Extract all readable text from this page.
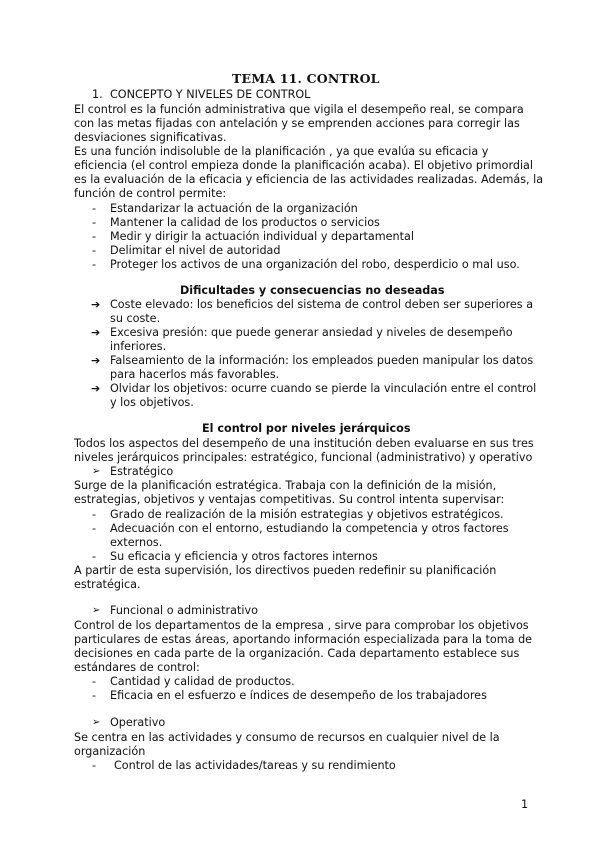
TEMA 11. CONTROL
1. CONCEPTO Y NIVELES DE CONTROL
El control es la función administrativa que vigila el desempeño real, se compara
con las metas fijadas con antelación y se emprenden acciones para corregir las
desviaciones significativas.
Es una función indisoluble de la planificación , ya que evalúa su eficacia y
eficiencia (el control empieza donde la planificación acaba). El objetivo primordial
es la evaluación de la eficacia y eficiencia de las actividades realizadas. Además, la
función de control permite:
- Estandarizar la actuación de la organización
- Mantener la calidad de los productos o servicios
- Medir y dirigir la actuación individual y departamental
- Delimitar el nivel de autoridad
- Proteger los activos de una organización del robo, desperdicio o mal uso.
Dificultades y consecuencias no deseadas
➔ Coste elevado: los beneficios del sistema de control deben ser superiores a
su coste.
➔ Excesiva presión: que puede generar ansiedad y niveles de desempeño
inferiores.
➔ Falseamiento de la información: los empleados pueden manipular los datos
para hacerlos más favorables.
➔ Olvidar los objetivos: ocurre cuando se pierde la vinculación entre el control
y los objetivos.
El control por niveles jerárquicos
Todos los aspectos del desempeño de una institución deben evaluarse en sus tres
niveles jerárquicos principales: estratégico, funcional (administrativo) y operativo
➢ Estratégico
Surge de la planificación estratégica. Trabaja con la definición de la misión,
estrategias, objetivos y ventajas competitivas. Su control intenta supervisar:
- Grado de realización de la misión estrategias y objetivos estratégicos.
- Adecuación con el entorno, estudiando la competencia y otros factores
externos.
- Su eficacia y eficiencia y otros factores internos
A partir de esta supervisión, los directivos pueden redefinir su planificación
estratégica.
➢ Funcional o administrativo
Control de los departamentos de la empresa , sirve para comprobar los objetivos
particulares de estas áreas, aportando información especializada para la toma de
decisiones en cada parte de la organización. Cada departamento establece sus
estándares de control:
- Cantidad y calidad de productos.
- Eficacia en el esfuerzo e índices de desempeño de los trabajadores
➢ Operativo
Se centra en las actividades y consumo de recursos en cualquier nivel de la
organización
- Control de las actividades/tareas y su rendimiento
1
